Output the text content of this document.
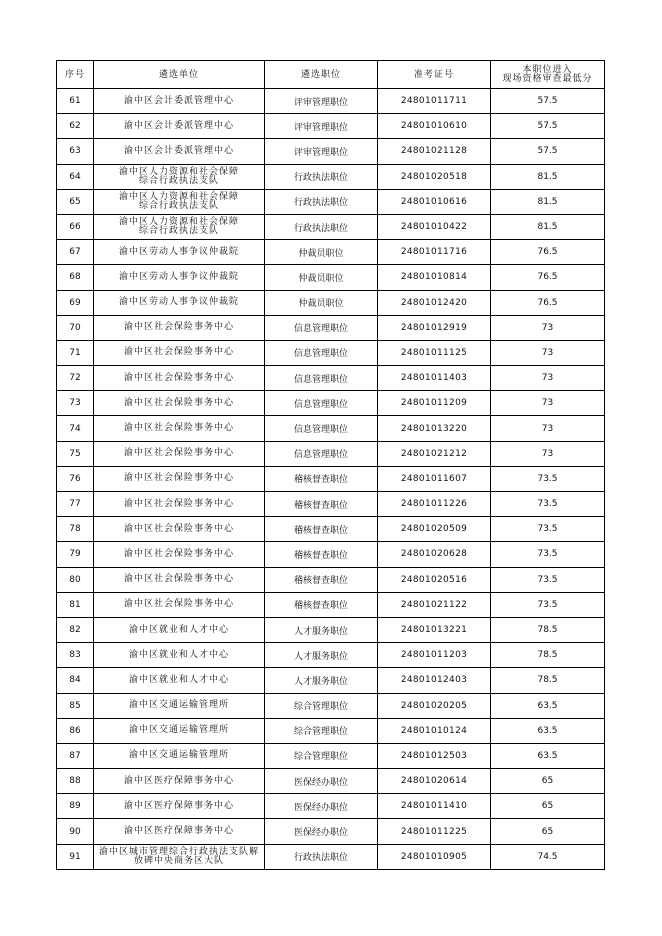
序号	遴选单位	遴选职位	准考证号	本职位进入
现场资格审查最低分
61	渝中区会计委派管理中心	评审管理职位	24801011711	57.5
62	渝中区会计委派管理中心	评审管理职位	24801010610	57.5
63	渝中区会计委派管理中心	评审管理职位	24801021128	57.5
64	渝中区人力资源和社会保障
综合行政执法支队	行政执法职位	24801020518	81.5
65	渝中区人力资源和社会保障
综合行政执法支队	行政执法职位	24801010616	81.5
66	渝中区人力资源和社会保障
综合行政执法支队	行政执法职位	24801010422	81.5
67	渝中区劳动人事争议仲裁院	仲裁员职位	24801011716	76.5
68	渝中区劳动人事争议仲裁院	仲裁员职位	24801010814	76.5
69	渝中区劳动人事争议仲裁院	仲裁员职位	24801012420	76.5
70	渝中区社会保险事务中心	信息管理职位	24801012919	73
71	渝中区社会保险事务中心	信息管理职位	24801011125	73
72	渝中区社会保险事务中心	信息管理职位	24801011403	73
73	渝中区社会保险事务中心	信息管理职位	24801011209	73
74	渝中区社会保险事务中心	信息管理职位	24801013220	73
75	渝中区社会保险事务中心	信息管理职位	24801021212	73
76	渝中区社会保险事务中心	稽核督查职位	24801011607	73.5
77	渝中区社会保险事务中心	稽核督查职位	24801011226	73.5
78	渝中区社会保险事务中心	稽核督查职位	24801020509	73.5
79	渝中区社会保险事务中心	稽核督查职位	24801020628	73.5
80	渝中区社会保险事务中心	稽核督查职位	24801020516	73.5
81	渝中区社会保险事务中心	稽核督查职位	24801021122	73.5
82	渝中区就业和人才中心	人才服务职位	24801013221	78.5
83	渝中区就业和人才中心	人才服务职位	24801011203	78.5
84	渝中区就业和人才中心	人才服务职位	24801012403	78.5
85	渝中区交通运输管理所	综合管理职位	24801020205	63.5
86	渝中区交通运输管理所	综合管理职位	24801010124	63.5
87	渝中区交通运输管理所	综合管理职位	24801012503	63.5
88	渝中区医疗保障事务中心	医保经办职位	24801020614	65
89	渝中区医疗保障事务中心	医保经办职位	24801011410	65
90	渝中区医疗保障事务中心	医保经办职位	24801011225	65
91	渝中区城市管理综合行政执法支队解
放碑中央商务区大队	行政执法职位	24801010905	74.5
